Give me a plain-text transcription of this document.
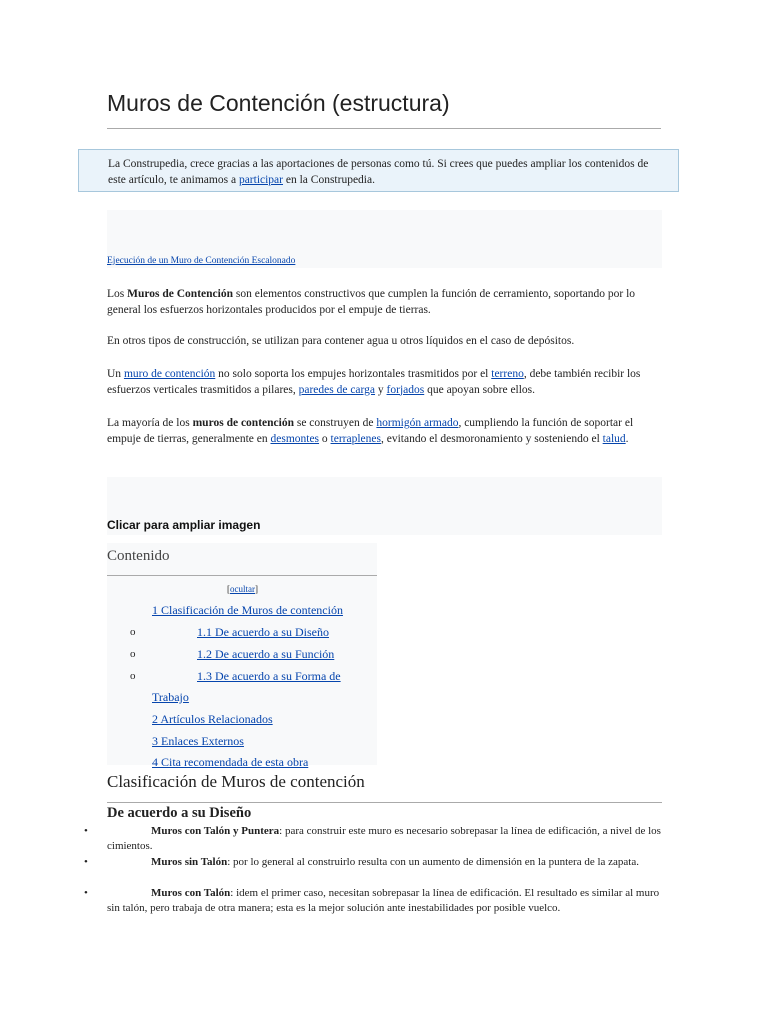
Muros de Contención (estructura)
La Construpedia, crece gracias a las aportaciones de personas como tú. Si crees que puedes ampliar los contenidos de este artículo, te animamos a participar en la Construpedia.
Ejecución de un Muro de Contención Escalonado

Los Muros de Contención son elementos constructivos que cumplen la función de cerramiento, soportando por lo general los esfuerzos horizontales producidos por el empuje de tierras.

En otros tipos de construcción, se utilizan para contener agua u otros líquidos en el caso de depósitos.

Un muro de contención no solo soporta los empujes horizontales trasmitidos por el terreno, debe también recibir los esfuerzos verticales trasmitidos a pilares, paredes de carga y forjados que apoyan sobre ellos.

La mayoría de los muros de contención se construyen de hormigón armado, cumpliendo la función de soportar el empuje de tierras, generalmente en desmontes o terraplenes, evitando el desmoronamiento y sosteniendo el talud.

Clicar para ampliar imagen
Contenido
[ocultar]
1 Clasificación de Muros de contención
o	1.1 De acuerdo a su Diseño
o	1.2 De acuerdo a su Función
o	1.3 De acuerdo a su Forma de
Trabajo
2 Artículos Relacionados
3 Enlaces Externos
4 Cita recomendada de esta obra
Clasificación de Muros de contención
De acuerdo a su Diseño
•	Muros con Talón y Puntera: para construir este muro es necesario sobrepasar la línea de edificación, a nivel de los cimientos.
•	Muros sin Talón: por lo general al construirlo resulta con un aumento de dimensión en la puntera de la zapata.
•	Muros con Talón: idem el primer caso, necesitan sobrepasar la línea de edificación. El resultado es similar al muro sin talón, pero trabaja de otra manera; esta es la mejor solución ante inestabilidades por posible vuelco.
